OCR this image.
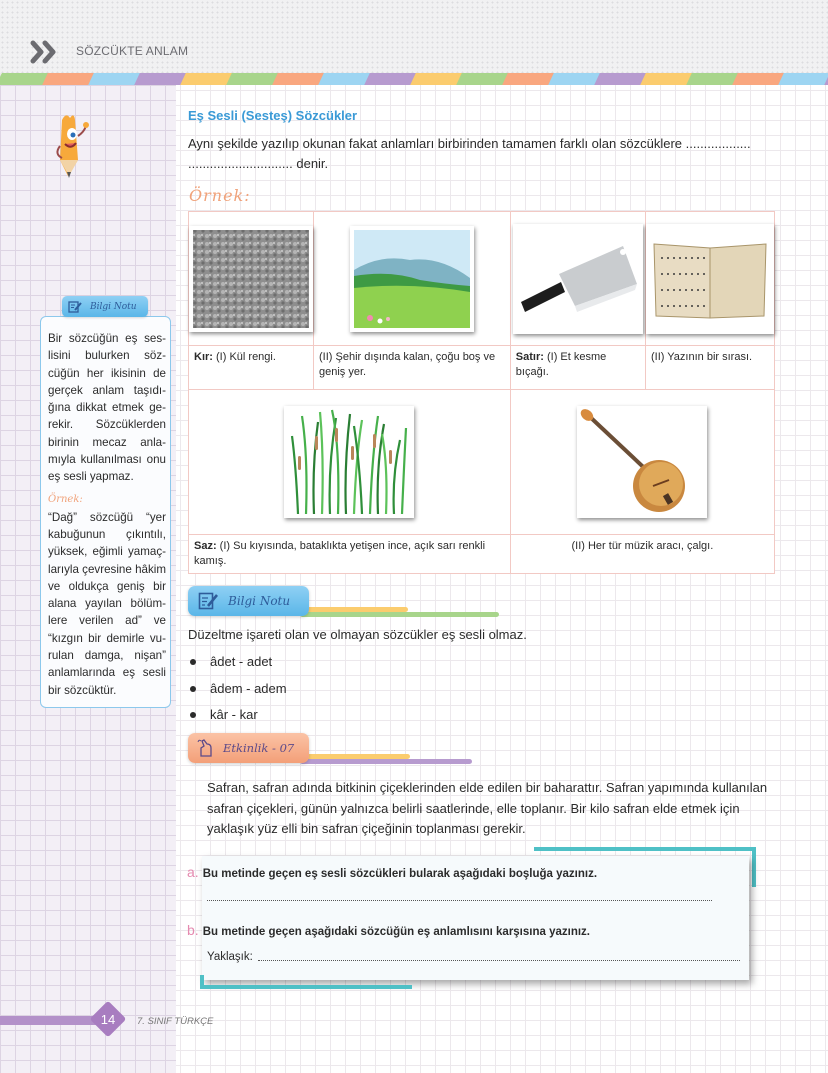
SÖZCÜKTE ANLAM

Bir sözcüğün eş seslisini bulurken sözcüğün her ikisinin de gerçek anlam taşıdığına dikkat etmek gerekir. Sözcüklerden birinin mecaz anlamıyla kullanılması onu eş sesli yapmaz.

Örnek:

“Dağ” sözcüğü “yer kabuğunun çıkıntılı, yüksek, eğimli yamaçlarıyla çevresine hâkim ve oldukça geniş bir alana yayılan bölümlere verilen ad” ve “kızgın bir demirle vurulan damga, nişan” anlamlarında eş sesli bir sözcüktür.

Bilgi Notu
Eş Sesli (Sesteş) Sözcükler

Aynı şekilde yazılıp okunan fakat anlamları birbirinden tamamen farklı olan sözcüklere .................. ............................. denir.

Örnek:

Kır: (I) Kül rengi.	(II) Şehir dışında kalan, çoğu boş ve geniş yer.	Satır: (I) Et kesme bıçağı.	(II) Yazının bir sırası.

Saz: (I) Su kıyısında, bataklıkta yetişen ince, açık sarı renkli kamış.		(II) Her tür müzik aracı, çalgı.	
Bilgi Notu
Düzeltme işareti olan ve olmayan sözcükler eş sesli olmaz.
âdet - adet
âdem - adem
kâr - kar
Etkinlik - 07

Safran, safran adında bitkinin çiçeklerinden elde edilen bir baharattır. Safran yapımında kullanılan safran çiçekleri, günün yalnızca belirli saatlerinde, elle toplanır. Bir kilo safran elde etmek için yaklaşık yüz elli bin safran çiçeğinin toplanması gerekir.

a. Bu metinde geçen eş sesli sözcükleri bularak aşağıdaki boşluğa yazınız.
b. Bu metinde geçen aşağıdaki sözcüğün eş anlamlısını karşısına yazınız.
Yaklaşık:
14	7. SINIF TÜRKÇE
